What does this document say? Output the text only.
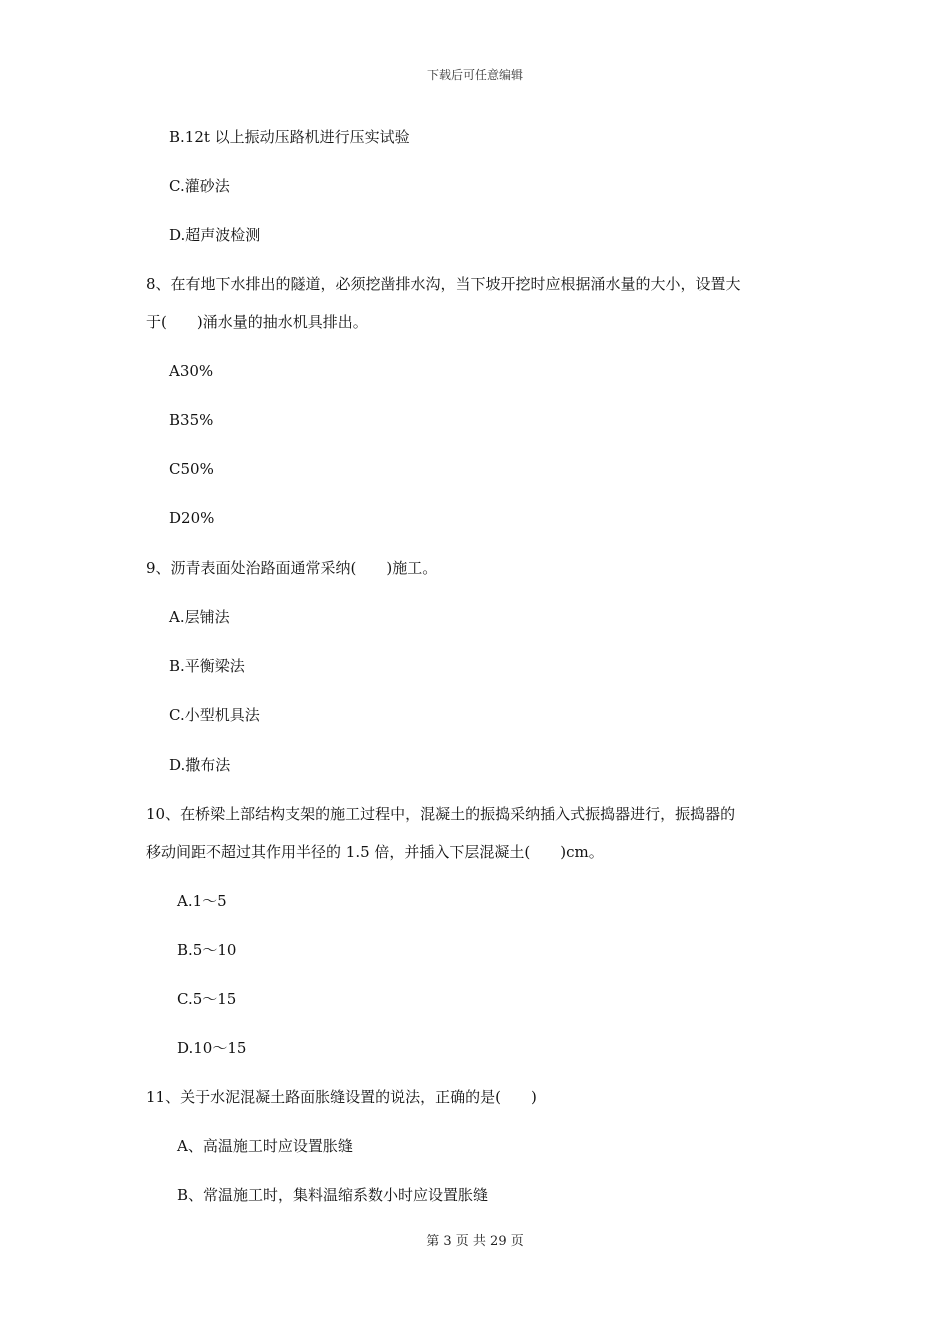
下载后可任意编辑
B.12t 以上振动压路机进行压实试验
C.灌砂法
D.超声波检测
8、在有地下水排出的隧道，必须挖凿排水沟，当下坡开挖时应根据涌水量的大小，设置大
于(　　)涌水量的抽水机具排出。
A30%
B35%
C50%
D20%
9、沥青表面处治路面通常采纳(　　)施工。
A.层铺法
B.平衡梁法
C.小型机具法
D.撒布法
10、在桥梁上部结构支架的施工过程中，混凝土的振捣采纳插入式振捣器进行，振捣器的
移动间距不超过其作用半径的 1.5 倍，并插入下层混凝土(　　)cm。
A.1～5
B.5～10
C.5～15
D.10～15
11、关于水泥混凝土路面胀缝设置的说法，正确的是(　　)
A、高温施工时应设置胀缝
B、常温施工时，集料温缩系数小时应设置胀缝
第 3 页 共 29 页
